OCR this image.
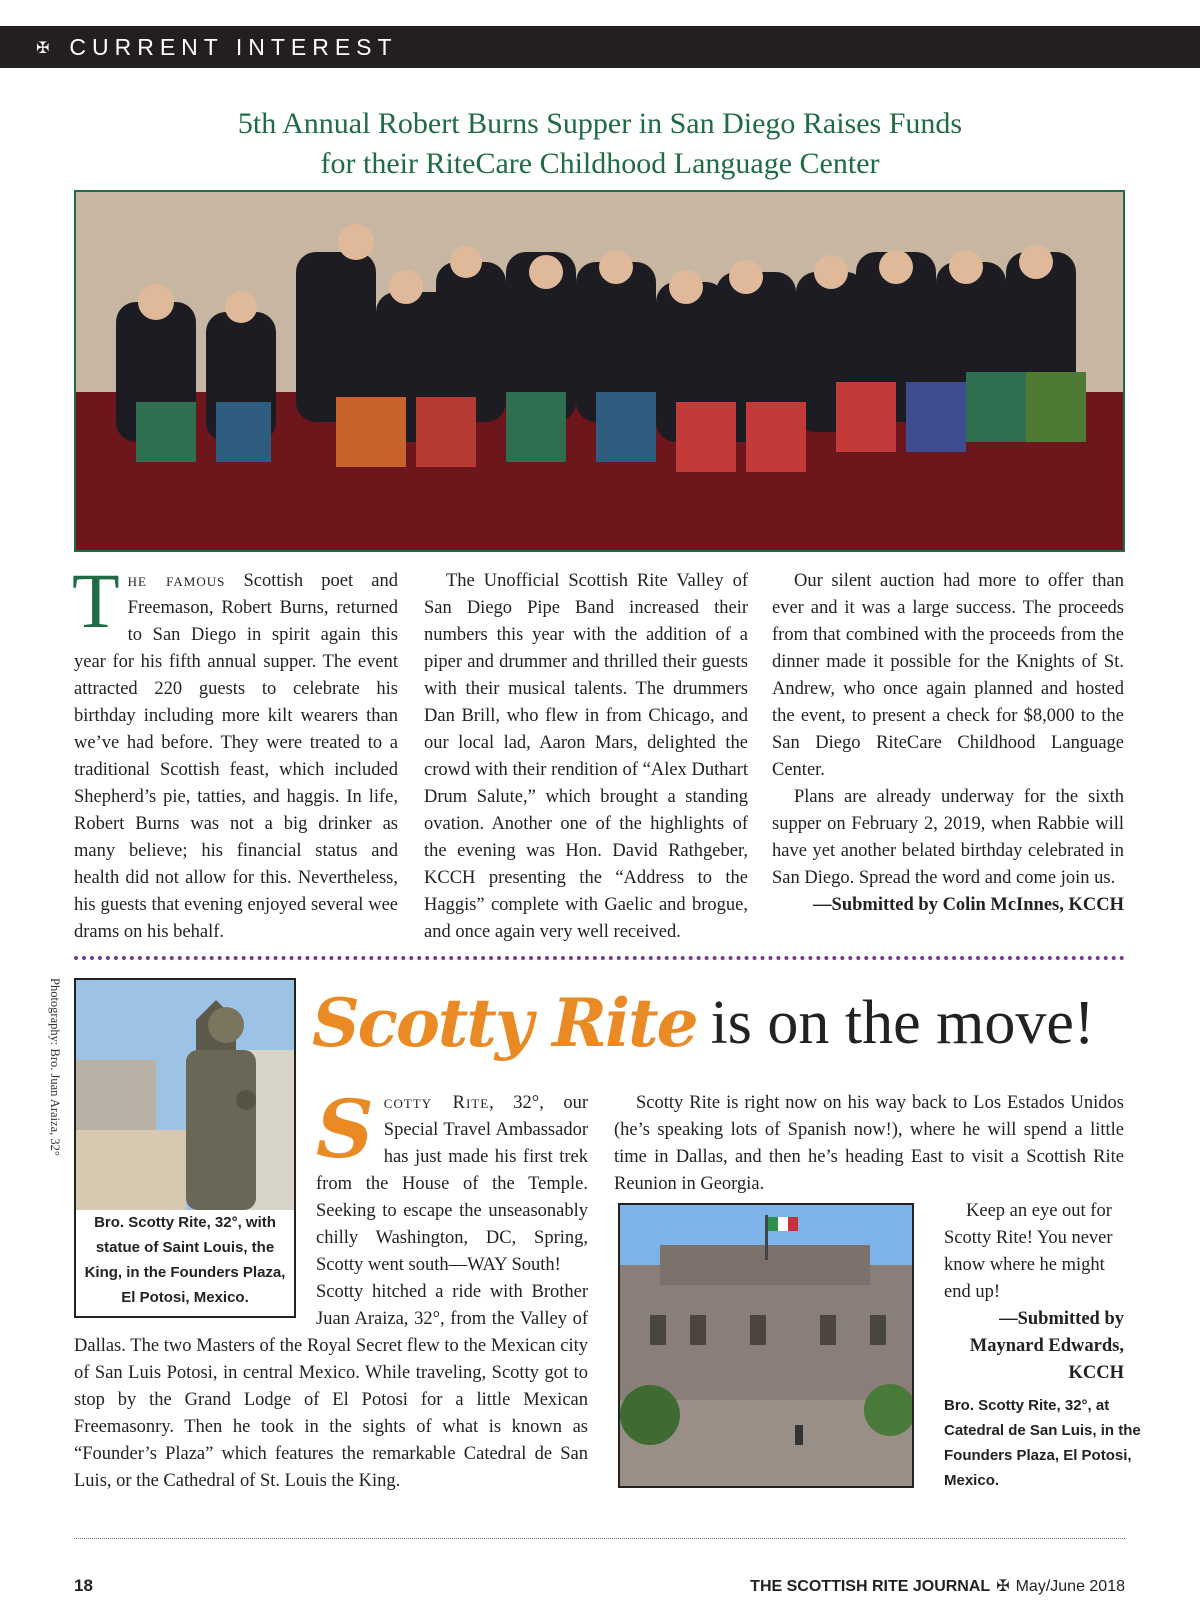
✠ CURRENT INTEREST
5th Annual Robert Burns Supper in San Diego Raises Funds
for their RiteCare Childhood Language Center

The famous Scottish poet and Freemason, Robert Burns, returned to San Diego in spirit again this year for his fifth annual supper. The event attracted 220 guests to celebrate his birthday including more kilt wearers than we’ve had before. They were treated to a traditional Scottish feast, which included Shepherd’s pie, tatties, and haggis. In life, Robert Burns was not a big drinker as many believe; his financial status and health did not allow for this. Nevertheless, his guests that evening enjoyed several wee drams on his behalf.

The Unofficial Scottish Rite Valley of San Diego Pipe Band increased their numbers this year with the addition of a piper and drummer and thrilled their guests with their musical talents. The drummers Dan Brill, who flew in from Chicago, and our local lad, Aaron Mars, delighted the crowd with their rendition of “Alex Duthart Drum Salute,” which brought a standing ovation. Another one of the highlights of the evening was Hon. David Rathgeber, KCCH presenting the “Address to the Haggis” complete with Gaelic and brogue, and once again very well received.

Our silent auction had more to offer than ever and it was a large success. The proceeds from that combined with the proceeds from the dinner made it possible for the Knights of St. Andrew, who once again planned and hosted the event, to present a check for $8,000 to the San Diego RiteCare Childhood Language Center.

Plans are already underway for the sixth supper on February 2, 2019, when Rabbie will have yet another belated birthday celebrated in San Diego. Spread the word and come join us.

—Submitted by Colin McInnes, KCCH

Photography: Bro. Juan Araiza, 32°
Bro. Scotty Rite, 32°, with statue of Saint Louis, the King, in the Founders Plaza, El Potosi, Mexico.
Scotty Rite is on the move!

Scotty Rite, 32°, our Special Travel Ambassador has just made his first trek from the House of the Temple. Seeking to escape the unseasonably chilly Washington, DC, Spring, Scotty went south—WAY South!

Scotty hitched a ride with Brother Juan Araiza, 32°, from the Valley of Dallas. The two Masters of the Royal Secret flew to the Mexican city of San Luis Potosi, in central Mexico. While traveling, Scotty got to stop by the Grand Lodge of El Potosi for a little Mexican Freemasonry. Then he took in the sights of what is known as “Founder’s Plaza” which features the remarkable Catedral de San Luis, or the Cathedral of St. Louis the King.

Scotty Rite is right now on his way back to Los Estados Unidos (he’s speaking lots of Spanish now!), where he will spend a little time in Dallas, and then he’s heading East to visit a Scottish Rite Reunion in Georgia.

Keep an eye out for Scotty Rite! You never know where he might end up!

—Submitted by

Maynard Edwards,

KCCH

Bro. Scotty Rite, 32°, at Catedral de San Luis, in the Founders Plaza, El Potosi, Mexico.
18	THE SCOTTISH RITE JOURNAL ✠ May/June 2018
